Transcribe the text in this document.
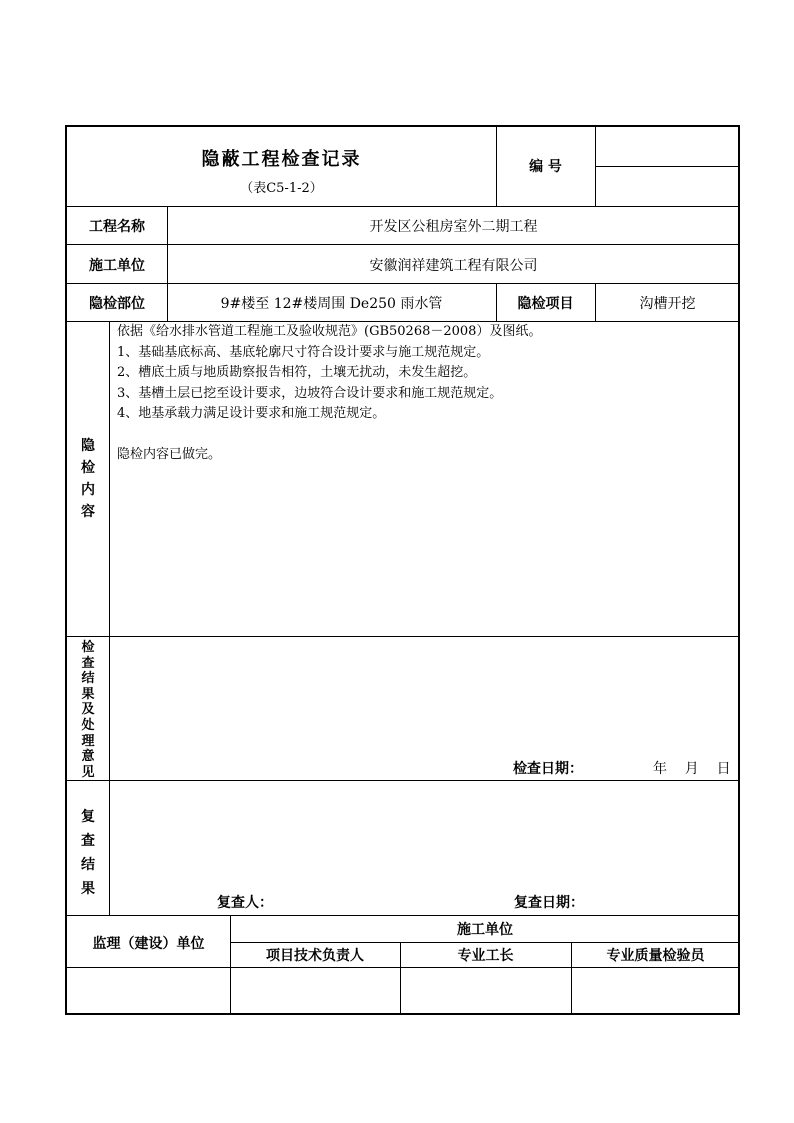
隐蔽工程检查记录
（表C5-1-2）
编 号
工程名称	开发区公租房室外二期工程
施工单位	安徽润祥建筑工程有限公司
隐检部位	9#楼至 12#楼周围 De250 雨水管	隐检项目	沟槽开挖
隐检内容
依据《给水排水管道工程施工及验收规范》(GB50268－2008）及图纸。
1、基础基底标高、基底轮廓尺寸符合设计要求与施工规范规定。
2、槽底土质与地质勘察报告相符，土壤无扰动，未发生超挖。
3、基槽土层已挖至设计要求，边坡符合设计要求和施工规范规定。
4、地基承载力满足设计要求和施工规范规定。
隐检内容已做完。
检查结果及处理意见	检查日期：	年    月    日
复查结果
复查人：	复查日期：
监理（建设）单位
施工单位
项目技术负责人	专业工长	专业质量检验员
